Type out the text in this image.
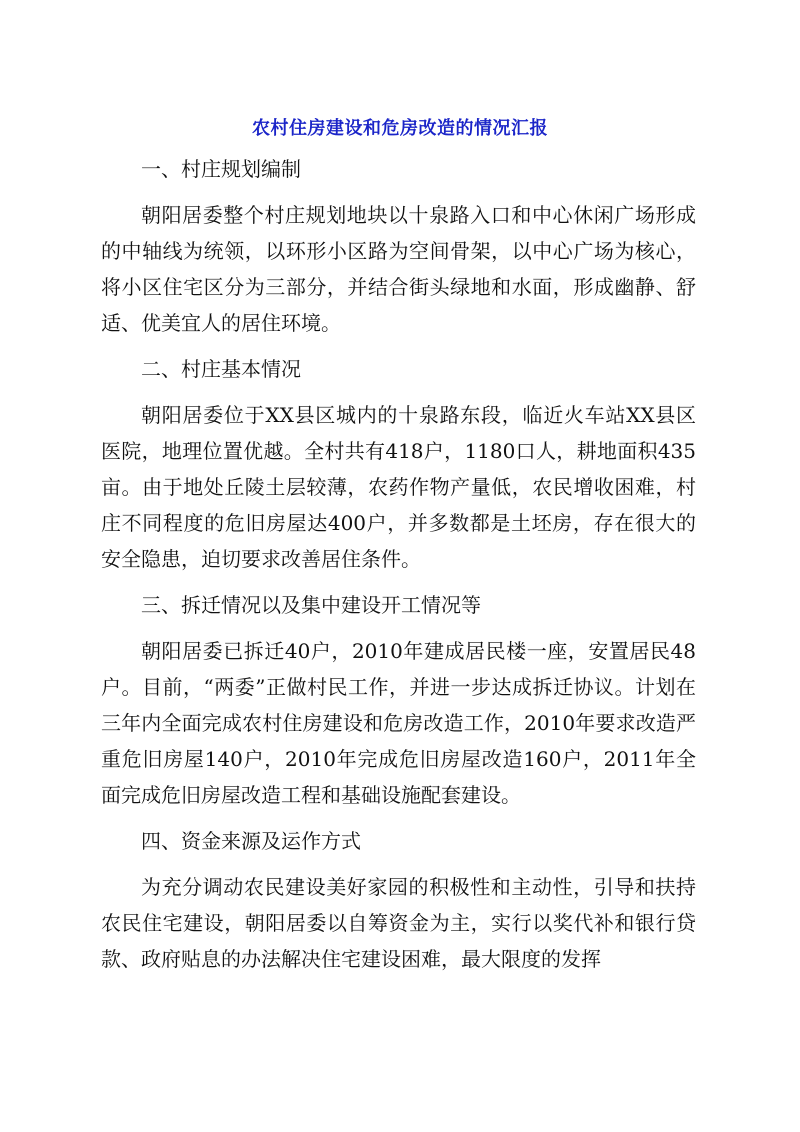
农村住房建设和危房改造的情况汇报
一、村庄规划编制
朝阳居委整个村庄规划地块以十泉路入口和中心休闲广场形成的中轴线为统领，以环形小区路为空间骨架，以中心广场为核心，将小区住宅区分为三部分，并结合街头绿地和水面，形成幽静、舒适、优美宜人的居住环境。
二、村庄基本情况
朝阳居委位于XX县区城内的十泉路东段，临近火车站XX县区医院，地理位置优越。全村共有418户，1180口人，耕地面积435亩。由于地处丘陵土层较薄，农药作物产量低，农民增收困难，村庄不同程度的危旧房屋达400户，并多数都是土坯房，存在很大的安全隐患，迫切要求改善居住条件。
三、拆迁情况以及集中建设开工情况等
朝阳居委已拆迁40户，2010年建成居民楼一座，安置居民48户。目前，“两委”正做村民工作，并进一步达成拆迁协议。计划在三年内全面完成农村住房建设和危房改造工作，2010年要求改造严重危旧房屋140户，2010年完成危旧房屋改造160户，2011年全面完成危旧房屋改造工程和基础设施配套建设。
四、资金来源及运作方式
为充分调动农民建设美好家园的积极性和主动性，引导和扶持农民住宅建设，朝阳居委以自筹资金为主，实行以奖代补和银行贷款、政府贴息的办法解决住宅建设困难，最大限度的发挥
